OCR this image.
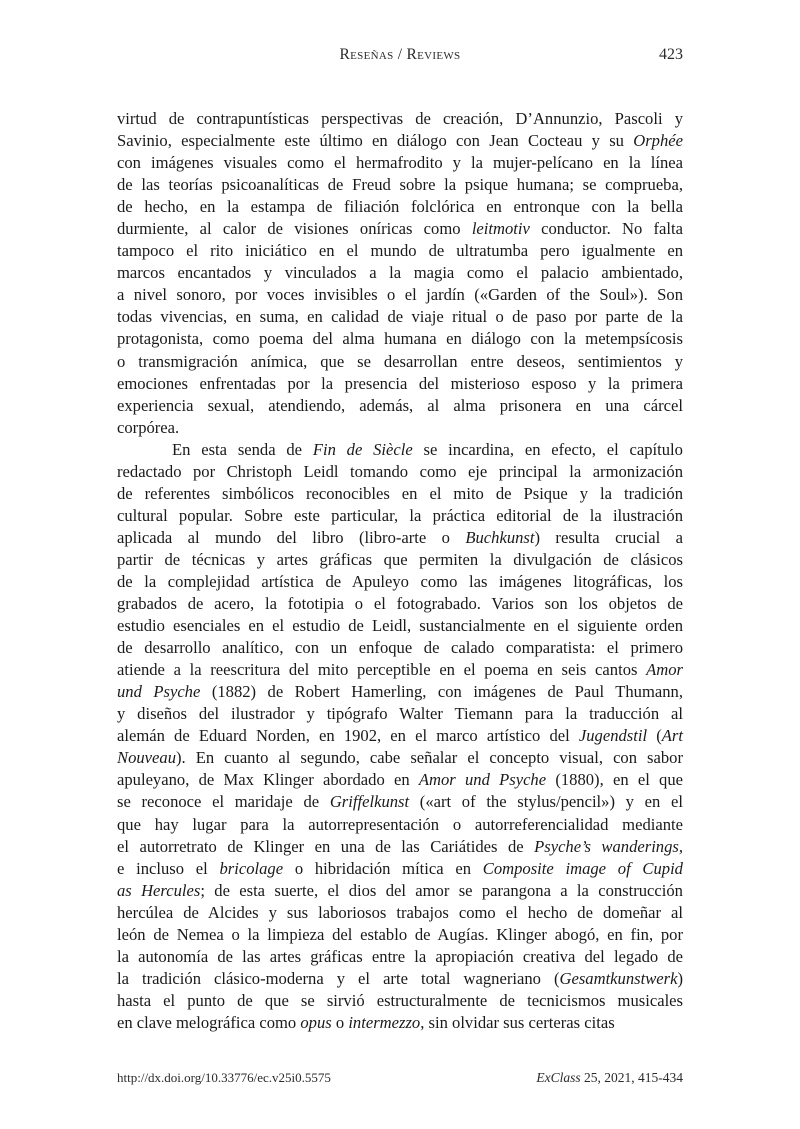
Reseñas / Reviews	423

virtud de contrapuntísticas perspectivas de creación, D’Annunzio, Pascoli y
Savinio, especialmente este último en diálogo con Jean Cocteau y su Orphée
con imágenes visuales como el hermafrodito y la mujer-pelícano en la línea
de las teorías psicoanalíticas de Freud sobre la psique humana; se comprueba,
de hecho, en la estampa de filiación folclórica en entronque con la bella
durmiente, al calor de visiones oníricas como leitmotiv conductor. No falta
tampoco el rito iniciático en el mundo de ultratumba pero igualmente en
marcos encantados y vinculados a la magia como el palacio ambientado,
a nivel sonoro, por voces invisibles o el jardín («Garden of the Soul»). Son
todas vivencias, en suma, en calidad de viaje ritual o de paso por parte de la
protagonista, como poema del alma humana en diálogo con la metempsícosis
o transmigración anímica, que se desarrollan entre deseos, sentimientos y
emociones enfrentadas por la presencia del misterioso esposo y la primera
experiencia sexual, atendiendo, además, al alma prisonera en una cárcel
corpórea.

En esta senda de Fin de Siècle se incardina, en efecto, el capítulo
redactado por Christoph Leidl tomando como eje principal la armonización
de referentes simbólicos reconocibles en el mito de Psique y la tradición
cultural popular. Sobre este particular, la práctica editorial de la ilustración
aplicada al mundo del libro (libro-arte o Buchkunst) resulta crucial a
partir de técnicas y artes gráficas que permiten la divulgación de clásicos
de la complejidad artística de Apuleyo como las imágenes litográficas, los
grabados de acero, la fototipia o el fotograbado. Varios son los objetos de
estudio esenciales en el estudio de Leidl, sustancialmente en el siguiente orden
de desarrollo analítico, con un enfoque de calado comparatista: el primero
atiende a la reescritura del mito perceptible en el poema en seis cantos Amor
und Psyche (1882) de Robert Hamerling, con imágenes de Paul Thumann,
y diseños del ilustrador y tipógrafo Walter Tiemann para la traducción al
alemán de Eduard Norden, en 1902, en el marco artístico del Jugendstil (Art
Nouveau). En cuanto al segundo, cabe señalar el concepto visual, con sabor
apuleyano, de Max Klinger abordado en Amor und Psyche (1880), en el que
se reconoce el maridaje de Griffelkunst («art of the stylus/pencil») y en el
que hay lugar para la autorrepresentación o autorreferencialidad mediante
el autorretrato de Klinger en una de las Cariátides de Psyche’s wanderings,
e incluso el bricolage o hibridación mítica en Composite image of Cupid
as Hercules; de esta suerte, el dios del amor se parangona a la construcción
hercúlea de Alcides y sus laboriosos trabajos como el hecho de domeñar al
león de Nemea o la limpieza del establo de Augías. Klinger abogó, en fin, por
la autonomía de las artes gráficas entre la apropiación creativa del legado de
la tradición clásico-moderna y el arte total wagneriano (Gesamtkunstwerk)
hasta el punto de que se sirvió estructuralmente de tecnicismos musicales
en clave melográfica como opus o intermezzo, sin olvidar sus certeras citas

http://dx.doi.org/10.33776/ec.v25i0.5575	ExClass 25, 2021, 415-434
